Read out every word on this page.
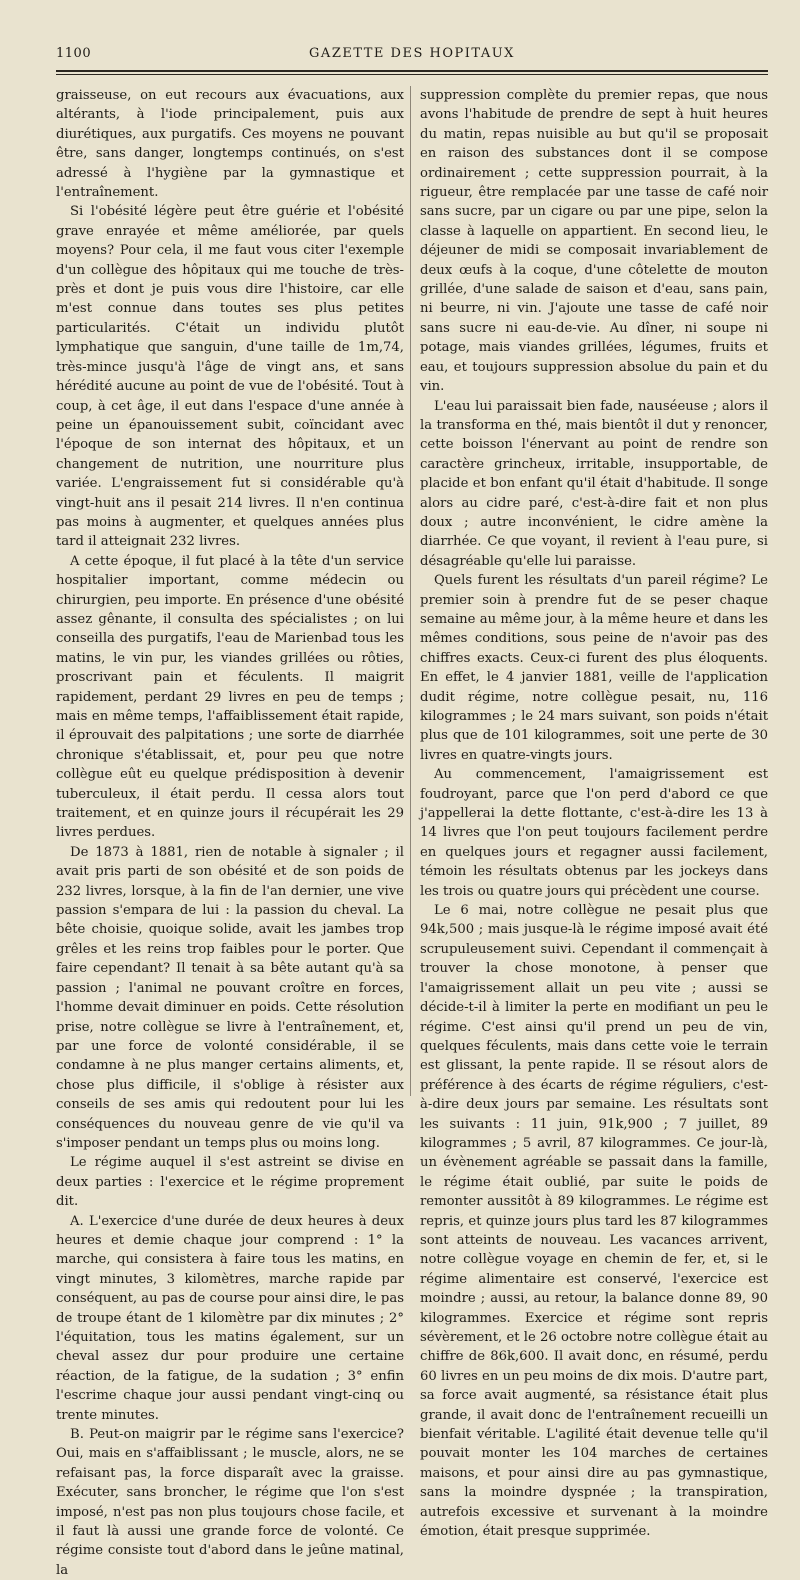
1100	GAZETTE DES HOPITAUX

graisseuse, on eut recours aux évacuations, aux altérants, à l'iode principalement, puis aux diurétiques, aux purgatifs. Ces moyens ne pouvant être, sans danger, longtemps continués, on s'est adressé à l'hygiène par la gymnastique et l'entraînement.

Si l'obésité légère peut être guérie et l'obésité grave enrayée et même améliorée, par quels moyens? Pour cela, il me faut vous citer l'exemple d'un collègue des hôpitaux qui me touche de très-près et dont je puis vous dire l'histoire, car elle m'est connue dans toutes ses plus petites particularités. C'était un individu plutôt lymphatique que sanguin, d'une taille de 1m,74, très-mince jusqu'à l'âge de vingt ans, et sans hérédité aucune au point de vue de l'obésité. Tout à coup, à cet âge, il eut dans l'espace d'une année à peine un épanouissement subit, coïncidant avec l'époque de son internat des hôpitaux, et un changement de nutrition, une nourriture plus variée. L'engraissement fut si considérable qu'à vingt-huit ans il pesait 214 livres. Il n'en continua pas moins à augmenter, et quelques années plus tard il atteignait 232 livres.

A cette époque, il fut placé à la tête d'un service hospitalier important, comme médecin ou chirurgien, peu importe. En présence d'une obésité assez gênante, il consulta des spécialistes ; on lui conseilla des purgatifs, l'eau de Marienbad tous les matins, le vin pur, les viandes grillées ou rôties, proscrivant pain et féculents. Il maigrit rapidement, perdant 29 livres en peu de temps ; mais en même temps, l'affaiblissement était rapide, il éprouvait des palpitations ; une sorte de diarrhée chronique s'établissait, et, pour peu que notre collègue eût eu quelque prédisposition à devenir tuberculeux, il était perdu. Il cessa alors tout traitement, et en quinze jours il récupérait les 29 livres perdues.

De 1873 à 1881, rien de notable à signaler ; il avait pris parti de son obésité et de son poids de 232 livres, lorsque, à la fin de l'an dernier, une vive passion s'empara de lui : la passion du cheval. La bête choisie, quoique solide, avait les jambes trop grêles et les reins trop faibles pour le porter. Que faire cependant? Il tenait à sa bête autant qu'à sa passion ; l'animal ne pouvant croître en forces, l'homme devait diminuer en poids. Cette résolution prise, notre collègue se livre à l'entraînement, et, par une force de volonté considérable, il se condamne à ne plus manger certains aliments, et, chose plus difficile, il s'oblige à résister aux conseils de ses amis qui redoutent pour lui les conséquences du nouveau genre de vie qu'il va s'imposer pendant un temps plus ou moins long.

Le régime auquel il s'est astreint se divise en deux parties : l'exercice et le régime proprement dit.

A. L'exercice d'une durée de deux heures à deux heures et demie chaque jour comprend : 1° la marche, qui consistera à faire tous les matins, en vingt minutes, 3 kilomètres, marche rapide par conséquent, au pas de course pour ainsi dire, le pas de troupe étant de 1 kilomètre par dix minutes ; 2° l'équitation, tous les matins également, sur un cheval assez dur pour produire une certaine réaction, de la fatigue, de la sudation ; 3° enfin l'escrime chaque jour aussi pendant vingt-cinq ou trente minutes.

B. Peut-on maigrir par le régime sans l'exercice? Oui, mais en s'affaiblissant ; le muscle, alors, ne se refaisant pas, la force disparaît avec la graisse. Exécuter, sans broncher, le régime que l'on s'est imposé, n'est pas non plus toujours chose facile, et il faut là aussi une grande force de volonté. Ce régime consiste tout d'abord dans le jeûne matinal, la

suppression complète du premier repas, que nous avons l'habitude de prendre de sept à huit heures du matin, repas nuisible au but qu'il se proposait en raison des substances dont il se compose ordinairement ; cette suppression pourrait, à la rigueur, être remplacée par une tasse de café noir sans sucre, par un cigare ou par une pipe, selon la classe à laquelle on appartient. En second lieu, le déjeuner de midi se composait invariablement de deux œufs à la coque, d'une côtelette de mouton grillée, d'une salade de saison et d'eau, sans pain, ni beurre, ni vin. J'ajoute une tasse de café noir sans sucre ni eau-de-vie. Au dîner, ni soupe ni potage, mais viandes grillées, légumes, fruits et eau, et toujours suppression absolue du pain et du vin.

L'eau lui paraissait bien fade, nauséeuse ; alors il la transforma en thé, mais bientôt il dut y renoncer, cette boisson l'énervant au point de rendre son caractère grincheux, irritable, insupportable, de placide et bon enfant qu'il était d'habitude. Il songe alors au cidre paré, c'est-à-dire fait et non plus doux ; autre inconvénient, le cidre amène la diarrhée. Ce que voyant, il revient à l'eau pure, si désagréable qu'elle lui paraisse.

Quels furent les résultats d'un pareil régime? Le premier soin à prendre fut de se peser chaque semaine au même jour, à la même heure et dans les mêmes conditions, sous peine de n'avoir pas des chiffres exacts. Ceux-ci furent des plus éloquents. En effet, le 4 janvier 1881, veille de l'application dudit régime, notre collègue pesait, nu, 116 kilogrammes ; le 24 mars suivant, son poids n'était plus que de 101 kilogrammes, soit une perte de 30 livres en quatre-vingts jours.

Au commencement, l'amaigrissement est foudroyant, parce que l'on perd d'abord ce que j'appellerai la dette flottante, c'est-à-dire les 13 à 14 livres que l'on peut toujours facilement perdre en quelques jours et regagner aussi facilement, témoin les résultats obtenus par les jockeys dans les trois ou quatre jours qui précèdent une course.

Le 6 mai, notre collègue ne pesait plus que 94k,500 ; mais jusque-là le régime imposé avait été scrupuleusement suivi. Cependant il commençait à trouver la chose monotone, à penser que l'amaigrissement allait un peu vite ; aussi se décide-t-il à limiter la perte en modifiant un peu le régime. C'est ainsi qu'il prend un peu de vin, quelques féculents, mais dans cette voie le terrain est glissant, la pente rapide. Il se résout alors de préférence à des écarts de régime réguliers, c'est-à-dire deux jours par semaine. Les résultats sont les suivants : 11 juin, 91k,900 ; 7 juillet, 89 kilogrammes ; 5 avril, 87 kilogrammes. Ce jour-là, un évènement agréable se passait dans la famille, le régime était oublié, par suite le poids de remonter aussitôt à 89 kilogrammes. Le régime est repris, et quinze jours plus tard les 87 kilogrammes sont atteints de nouveau. Les vacances arrivent, notre collègue voyage en chemin de fer, et, si le régime alimentaire est conservé, l'exercice est moindre ; aussi, au retour, la balance donne 89, 90 kilogrammes. Exercice et régime sont repris sévèrement, et le 26 octobre notre collègue était au chiffre de 86k,600. Il avait donc, en résumé, perdu 60 livres en un peu moins de dix mois. D'autre part, sa force avait augmenté, sa résistance était plus grande, il avait donc de l'entraînement recueilli un bienfait véritable. L'agilité était devenue telle qu'il pouvait monter les 104 marches de certaines maisons, et pour ainsi dire au pas gymnastique, sans la moindre dyspnée ; la transpiration, autrefois excessive et survenant à la moindre émotion, était presque supprimée.
